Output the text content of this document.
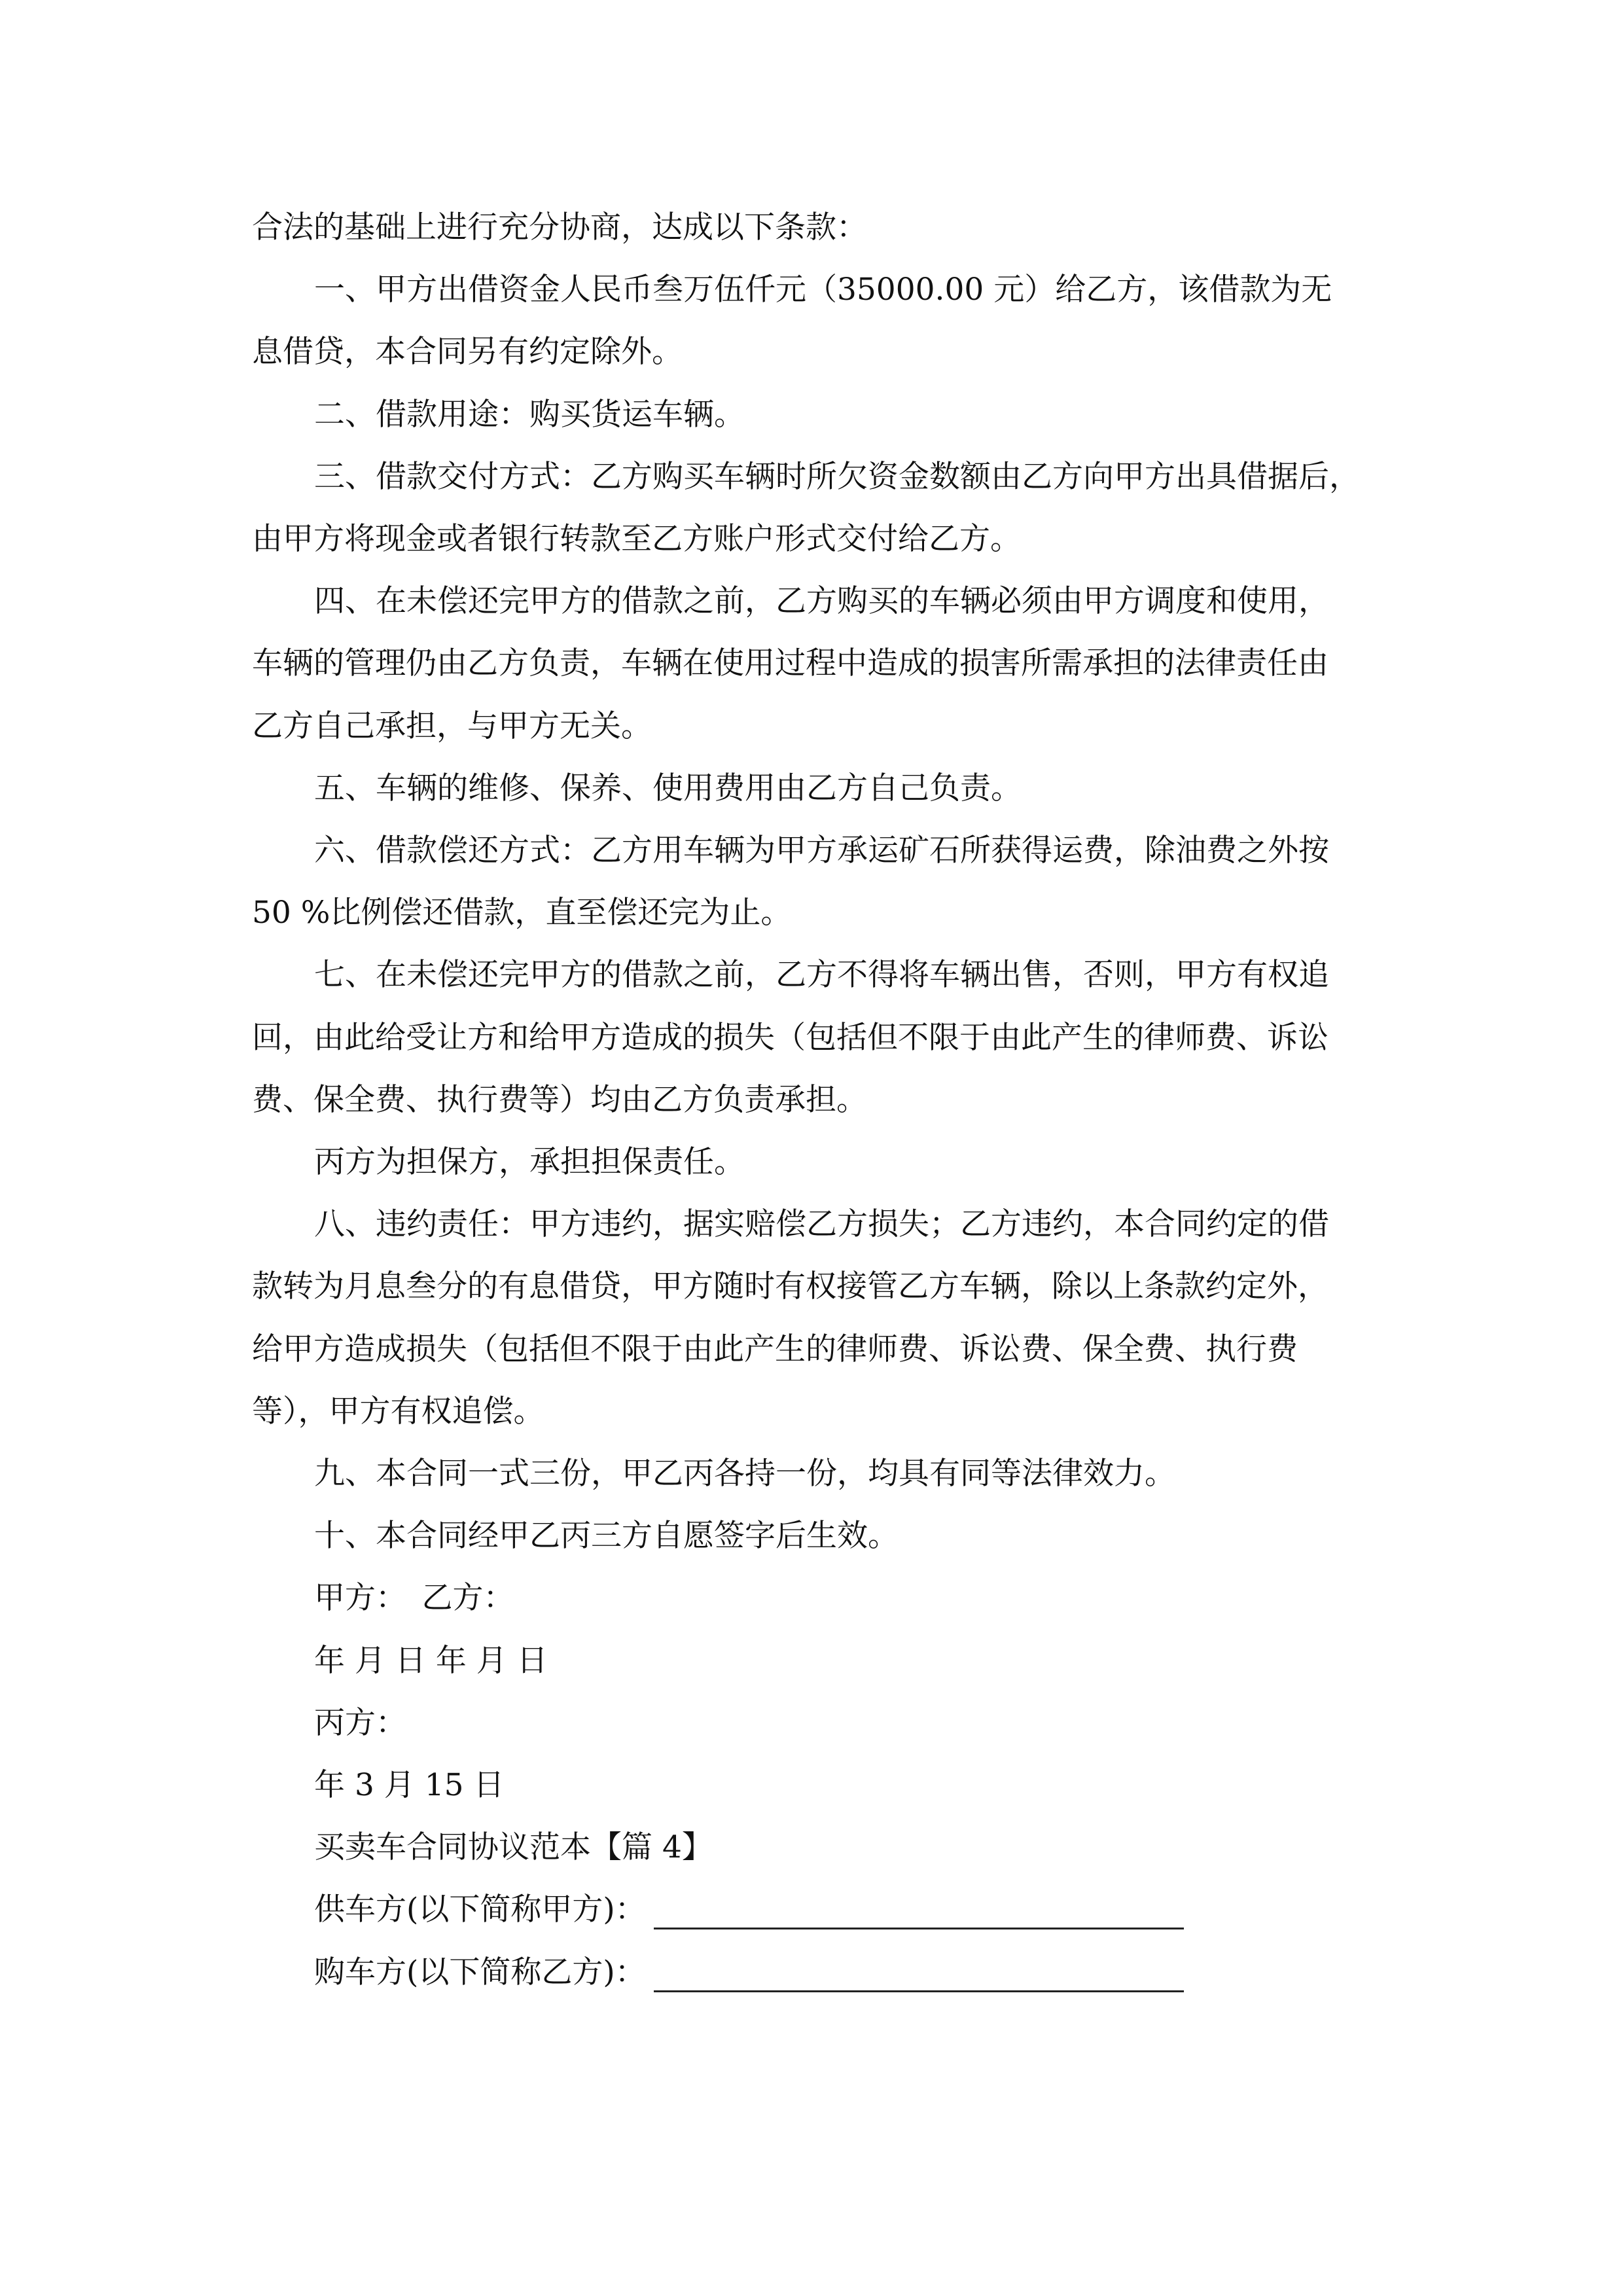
合法的基础上进行充分协商，达成以下条款：
一、甲方出借资金人民币叁万伍仟元（35000.00 元）给乙方，该借款为无
息借贷，本合同另有约定除外。
二、借款用途：购买货运车辆。
三、借款交付方式：乙方购买车辆时所欠资金数额由乙方向甲方出具借据后，
由甲方将现金或者银行转款至乙方账户形式交付给乙方。
四、在未偿还完甲方的借款之前，乙方购买的车辆必须由甲方调度和使用，
车辆的管理仍由乙方负责，车辆在使用过程中造成的损害所需承担的法律责任由
乙方自己承担，与甲方无关。
五、车辆的维修、保养、使用费用由乙方自己负责。
六、借款偿还方式：乙方用车辆为甲方承运矿石所获得运费，除油费之外按
50 %比例偿还借款，直至偿还完为止。
七、在未偿还完甲方的借款之前，乙方不得将车辆出售，否则，甲方有权追
回，由此给受让方和给甲方造成的损失（包括但不限于由此产生的律师费、诉讼
费、保全费、执行费等）均由乙方负责承担。
丙方为担保方，承担担保责任。
八、违约责任：甲方违约，据实赔偿乙方损失；乙方违约，本合同约定的借
款转为月息叁分的有息借贷，甲方随时有权接管乙方车辆，除以上条款约定外，
给甲方造成损失（包括但不限于由此产生的律师费、诉讼费、保全费、执行费
等），甲方有权追偿。
九、本合同一式三份，甲乙丙各持一份，均具有同等法律效力。
十、本合同经甲乙丙三方自愿签字后生效。
甲方：　乙方：
年 月 日 年 月 日
丙方：
年 3 月 15 日
买卖车合同协议范本【篇 4】
供车方(以下简称甲方)：
购车方(以下简称乙方)：
